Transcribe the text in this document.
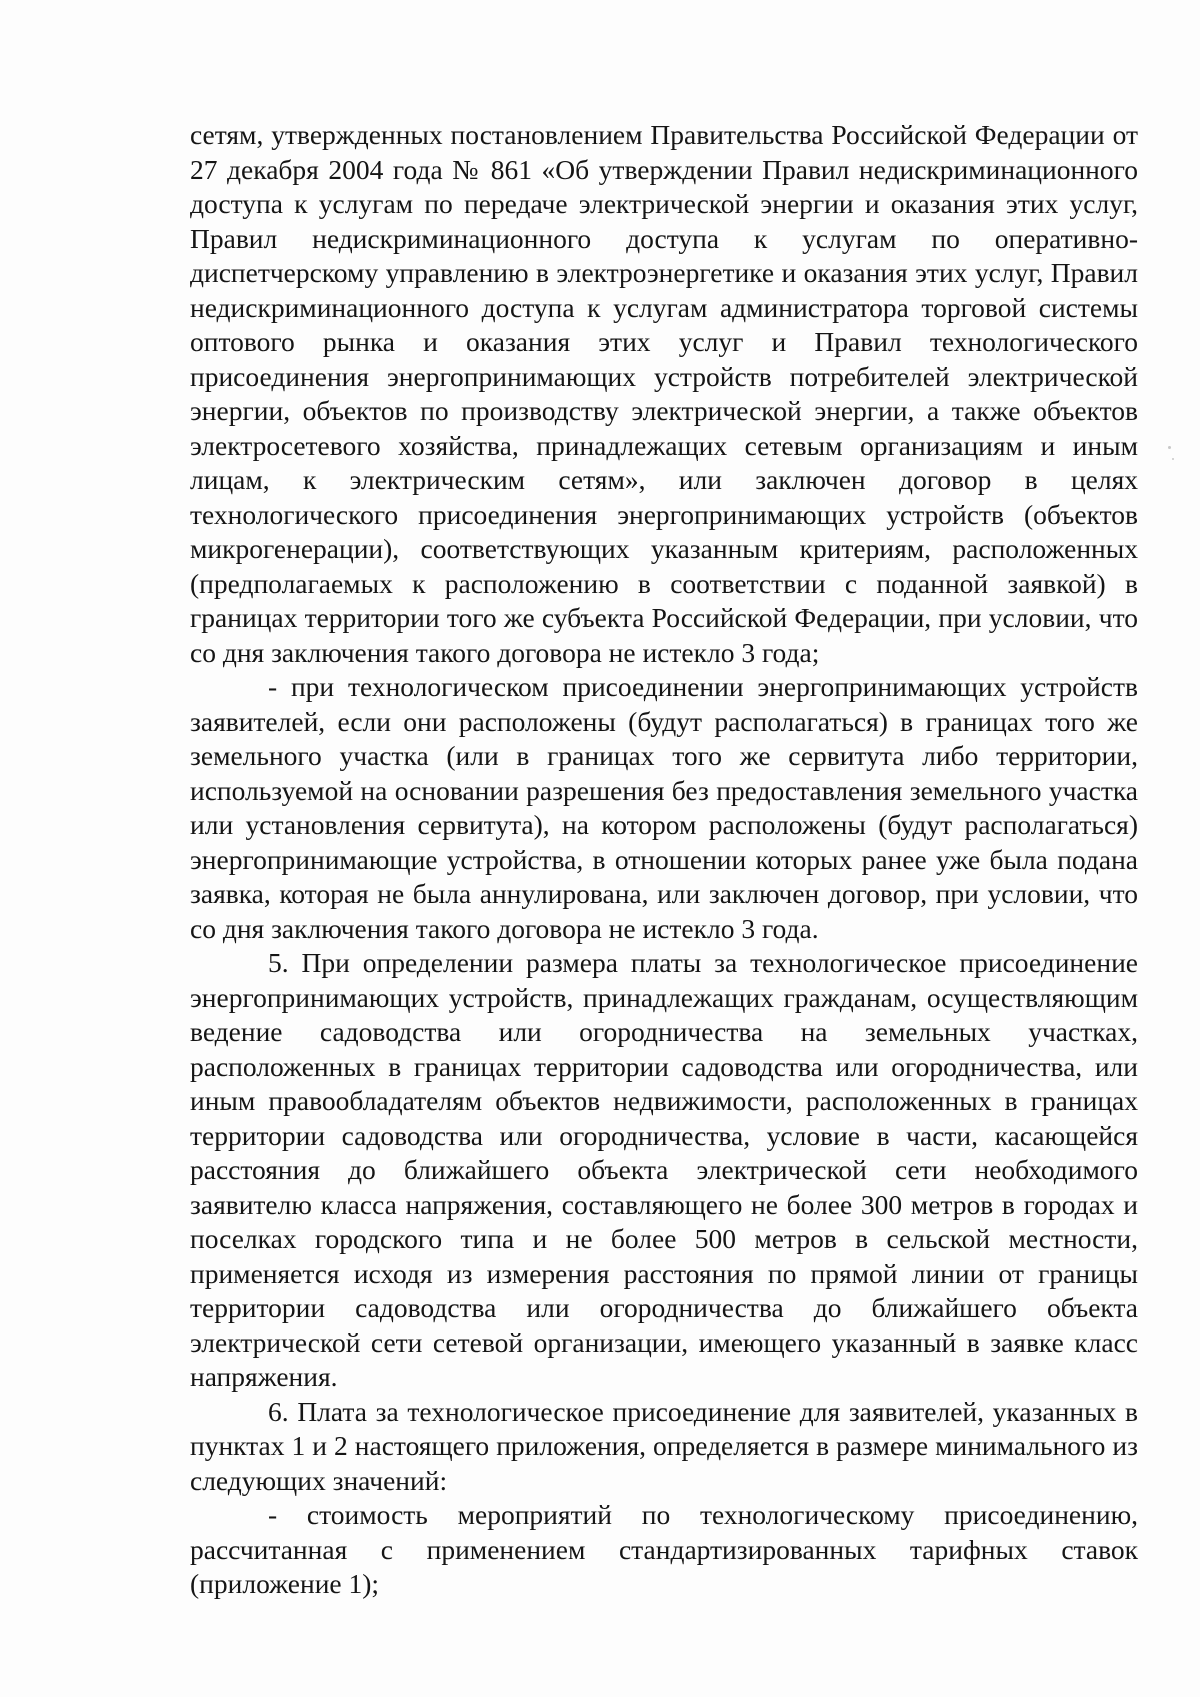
сетям, утвержденных постановлением Правительства Российской Федерации от 27 декабря 2004 года № 861 «Об утверждении Правил недискриминационного доступа к услугам по передаче электрической энергии и оказания этих услуг, Правил недискриминационного доступа к услугам по оперативно-диспетчерскому управлению в электроэнергетике и оказания этих услуг, Правил недискриминационного доступа к услугам администратора торговой системы оптового рынка и оказания этих услуг и Правил технологического присоединения энергопринимающих устройств потребителей электрической энергии, объектов по производству электрической энергии, а также объектов электросетевого хозяйства, принадлежащих сетевым организациям и иным лицам, к электрическим сетям», или заключен договор в целях технологического присоединения энергопринимающих устройств (объектов микрогенерации), соответствующих указанным критериям, расположенных (предполагаемых к расположению в соответствии с поданной заявкой) в границах территории того же субъекта Российской Федерации, при условии, что со дня заключения такого договора не истекло 3 года;

- при технологическом присоединении энергопринимающих устройств заявителей, если они расположены (будут располагаться) в границах того же земельного участка (или в границах того же сервитута либо территории, используемой на основании разрешения без предоставления земельного участка или установления сервитута), на котором расположены (будут располагаться) энергопринимающие устройства, в отношении которых ранее уже была подана заявка, которая не была аннулирована, или заключен договор, при условии, что со дня заключения такого договора не истекло 3 года.

5. При определении размера платы за технологическое присоединение энергопринимающих устройств, принадлежащих гражданам, осуществляющим ведение садоводства или огородничества на земельных участках, расположенных в границах территории садоводства или огородничества, или иным правообладателям объектов недвижимости, расположенных в границах территории садоводства или огородничества, условие в части, касающейся расстояния до ближайшего объекта электрической сети необходимого заявителю класса напряжения, составляющего не более 300 метров в городах и поселках городского типа и не более 500 метров в сельской местности, применяется исходя из измерения расстояния по прямой линии от границы территории садоводства или огородничества до ближайшего объекта электрической сети сетевой организации, имеющего указанный в заявке класс напряжения.

6. Плата за технологическое присоединение для заявителей, указанных в пунктах 1 и 2 настоящего приложения, определяется в размере минимального из следующих значений:

- стоимость мероприятий по технологическому присоединению, рассчитанная с применением стандартизированных тарифных ставок (приложение 1);
